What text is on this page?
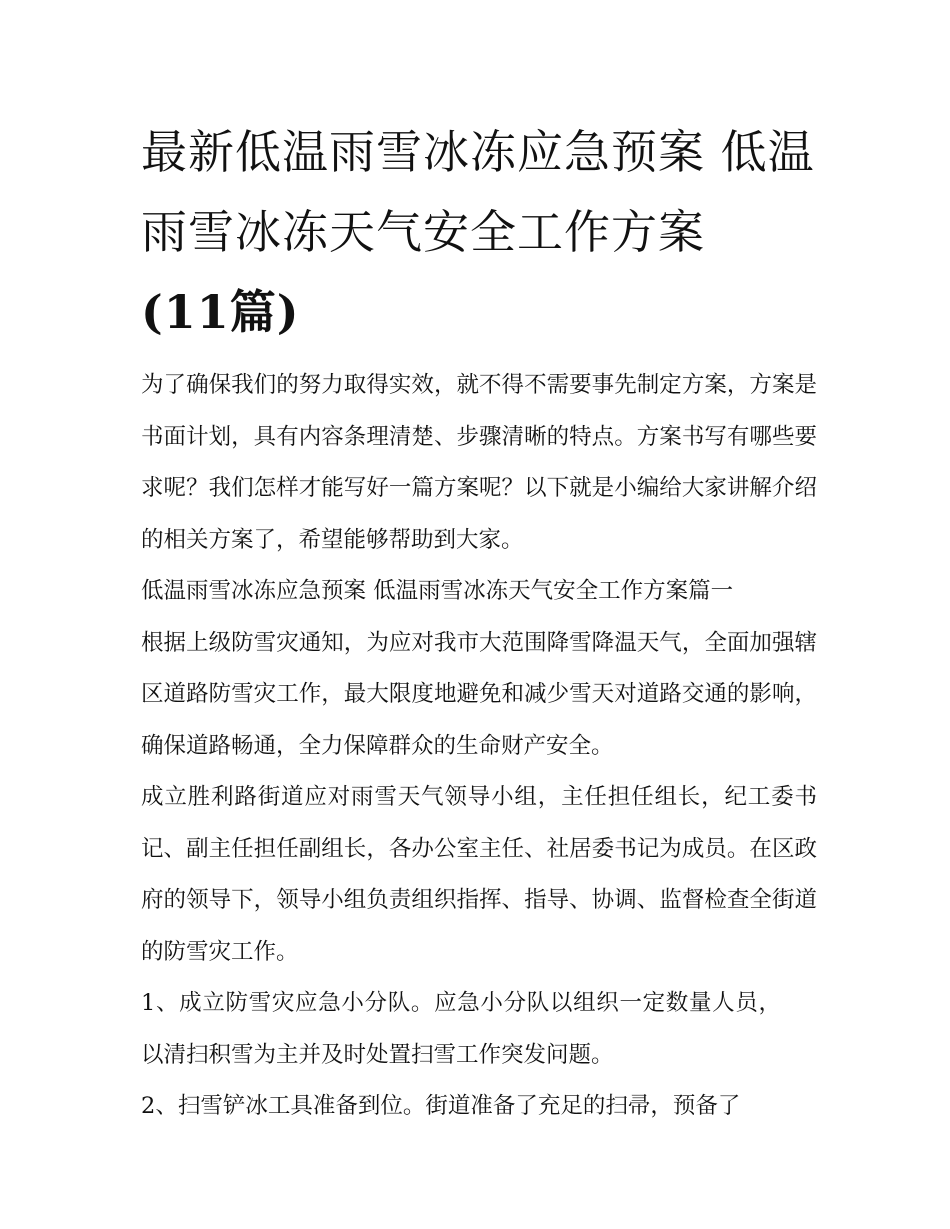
最新低温雨雪冰冻应急预案 低温雨雪冰冻天气安全工作方案
(11篇)

为了确保我们的努力取得实效，就不得不需要事先制定方案，方案是书面计划，具有内容条理清楚、步骤清晰的特点。方案书写有哪些要求呢？我们怎样才能写好一篇方案呢？以下就是小编给大家讲解介绍的相关方案了，希望能够帮助到大家。

低温雨雪冰冻应急预案 低温雨雪冰冻天气安全工作方案篇一

根据上级防雪灾通知，为应对我市大范围降雪降温天气，全面加强辖区道路防雪灾工作，最大限度地避免和减少雪天对道路交通的影响，确保道路畅通，全力保障群众的生命财产安全。

成立胜利路街道应对雨雪天气领导小组，主任担任组长，纪工委书记、副主任担任副组长，各办公室主任、社居委书记为成员。在区政府的领导下，领导小组负责组织指挥、指导、协调、监督检查全街道的防雪灾工作。

1、成立防雪灾应急小分队。应急小分队以组织一定数量人员，以清扫积雪为主并及时处置扫雪工作突发问题。

2、扫雪铲冰工具准备到位。街道准备了充足的扫帚，预备了
